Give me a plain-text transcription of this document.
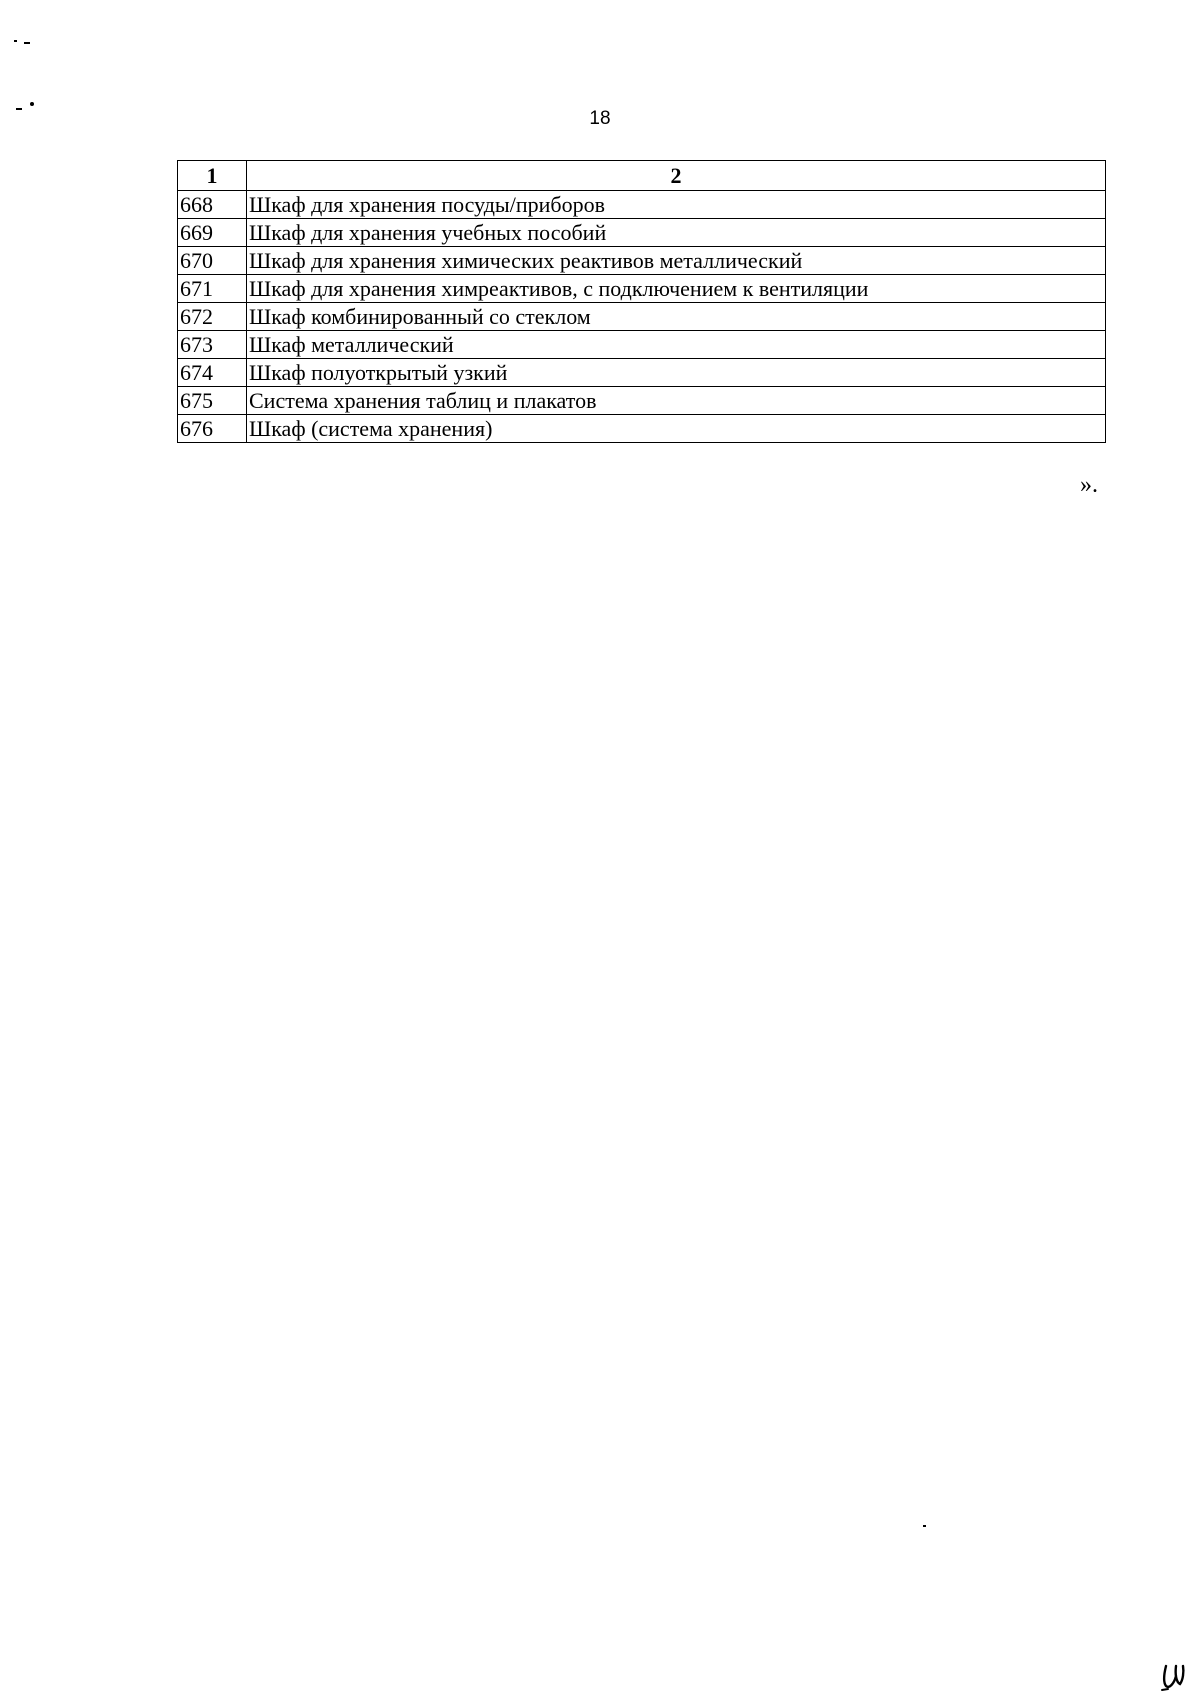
18
1	2
668	Шкаф для хранения посуды/приборов
669	Шкаф для хранения учебных пособий
670	Шкаф для хранения химических реактивов металлический
671	Шкаф для хранения химреактивов, с подключением к вентиляции
672	Шкаф комбинированный со стеклом
673	Шкаф металлический
674	Шкаф полуоткрытый узкий
675	Система хранения таблиц и плакатов
676	Шкаф (система хранения)
».
